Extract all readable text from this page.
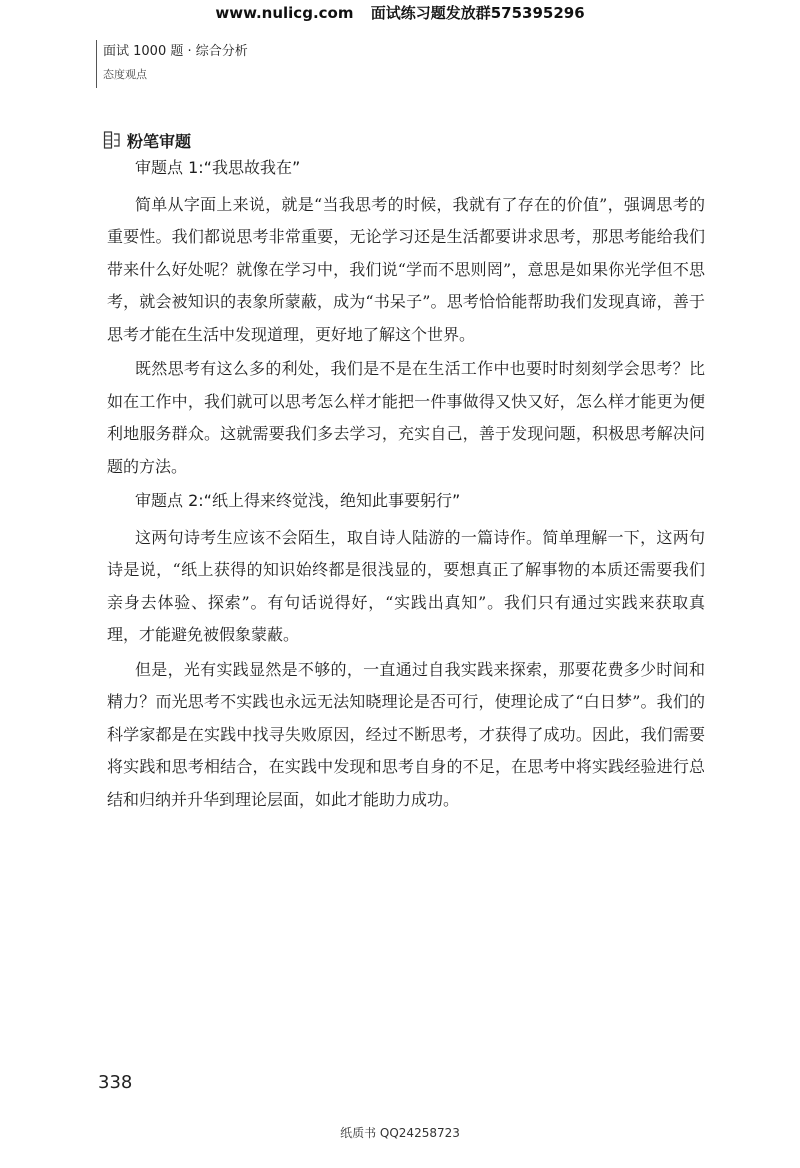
www.nulicg.com 面试练习题发放群575395296
面试 1000 题 · 综合分析
态度观点
粉笔审题

审题点 1:“我思故我在”

简单从字面上来说，就是“当我思考的时候，我就有了存在的价值”，强调思考的重要性。我们都说思考非常重要，无论学习还是生活都要讲求思考，那思考能给我们带来什么好处呢？就像在学习中，我们说“学而不思则罔”，意思是如果你光学但不思考，就会被知识的表象所蒙蔽，成为“书呆子”。思考恰恰能帮助我们发现真谛，善于思考才能在生活中发现道理，更好地了解这个世界。

既然思考有这么多的利处，我们是不是在生活工作中也要时时刻刻学会思考？比如在工作中，我们就可以思考怎么样才能把一件事做得又快又好，怎么样才能更为便利地服务群众。这就需要我们多去学习，充实自己，善于发现问题，积极思考解决问题的方法。

审题点 2:“纸上得来终觉浅，绝知此事要躬行”

这两句诗考生应该不会陌生，取自诗人陆游的一篇诗作。简单理解一下，这两句诗是说，“纸上获得的知识始终都是很浅显的，要想真正了解事物的本质还需要我们亲身去体验、探索”。有句话说得好，“实践出真知”。我们只有通过实践来获取真理，才能避免被假象蒙蔽。

但是，光有实践显然是不够的，一直通过自我实践来探索，那要花费多少时间和精力？而光思考不实践也永远无法知晓理论是否可行，使理论成了“白日梦”。我们的科学家都是在实践中找寻失败原因，经过不断思考，才获得了成功。因此，我们需要将实践和思考相结合，在实践中发现和思考自身的不足，在思考中将实践经验进行总结和归纳并升华到理论层面，如此才能助力成功。

338
纸质书 QQ24258723
